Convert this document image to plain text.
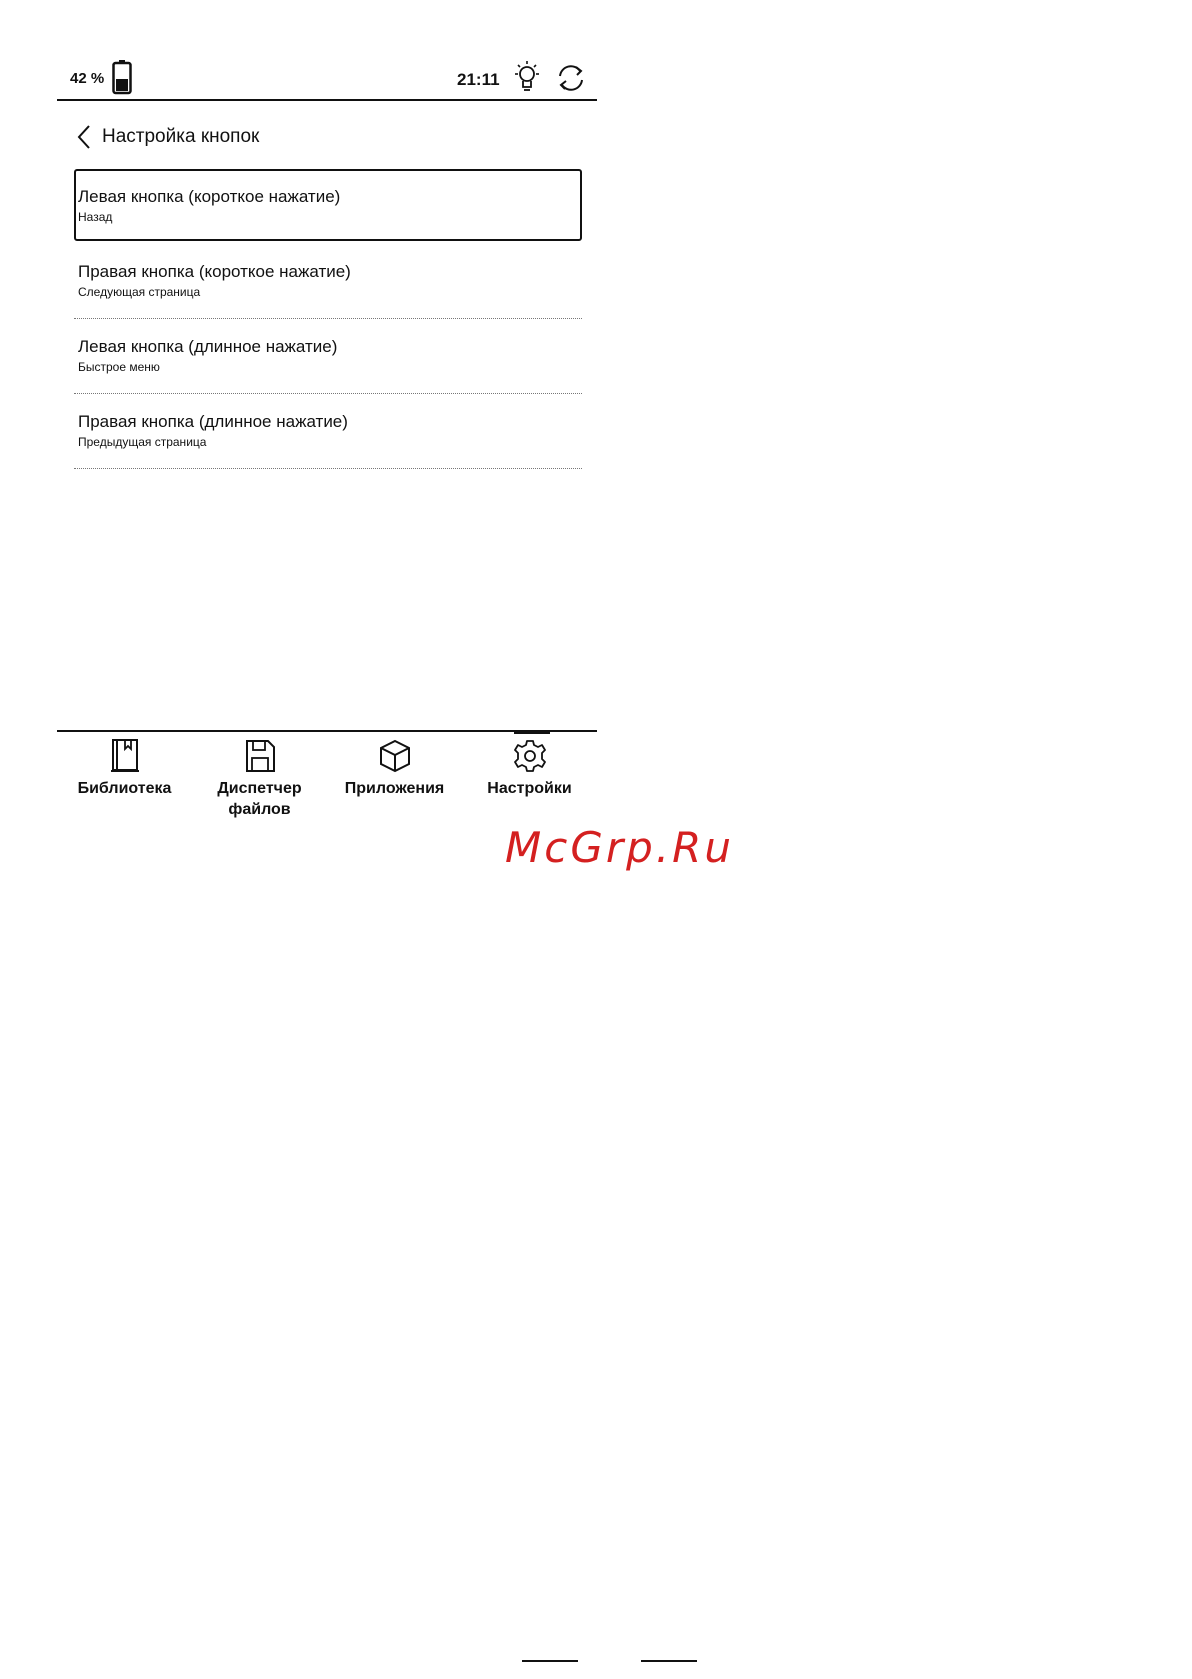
42 %	21:11
Настройка кнопок
Левая кнопка (короткое нажатие)
Назад
Правая кнопка (короткое нажатие)
Следующая страница
Левая кнопка (длинное нажатие)
Быстрое меню
Правая кнопка (длинное нажатие)
Предыдущая страница
Библиотека	Диспетчер файлов
Приложения	Настройки
McGrp.Ru
